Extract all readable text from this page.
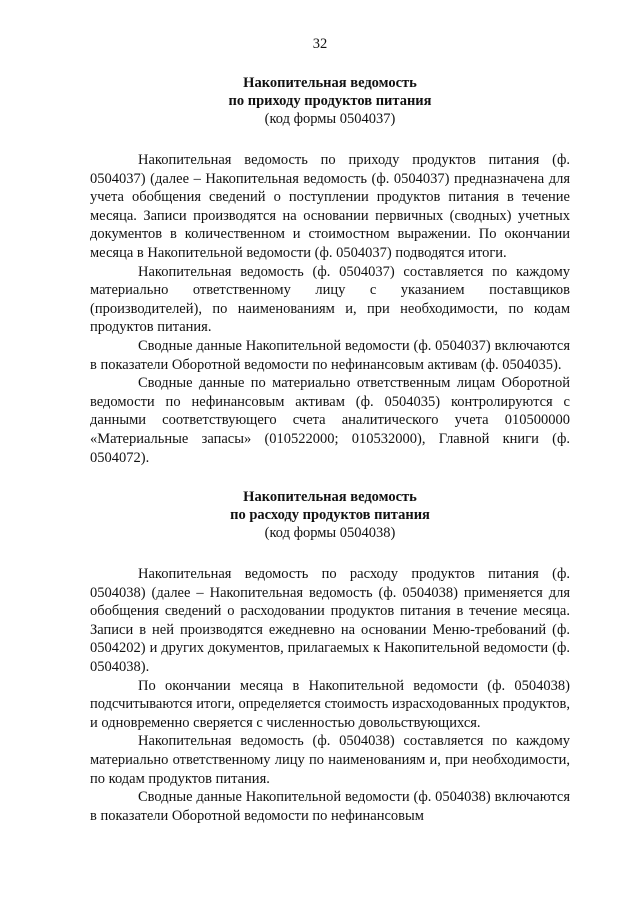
32
Накопительная ведомость
по приходу продуктов питания
(код формы 0504037)

Накопительная ведомость по приходу продуктов питания (ф. 0504037) (далее – Накопительная ведомость (ф. 0504037) предназначена для учета обобщения сведений о поступлении продуктов питания в течение месяца. Записи производятся на основании первичных (сводных) учетных документов в количественном и стоимостном выражении. По окончании месяца в Накопительной ведомости (ф. 0504037) подводятся итоги.

Накопительная ведомость (ф. 0504037) составляется по каждому материально ответственному лицу с указанием поставщиков (производителей), по наименованиям и, при необходимости, по кодам продуктов питания.

Сводные данные Накопительной ведомости (ф. 0504037) включаются в показатели Оборотной ведомости по нефинансовым активам (ф. 0504035).

Сводные данные по материально ответственным лицам Оборотной ведомости по нефинансовым активам (ф. 0504035) контролируются с данными соответствующего счета аналитического учета 010500000 «Материальные запасы» (010522000; 010532000), Главной книги (ф. 0504072).

Накопительная ведомость
по расходу продуктов питания
(код формы 0504038)

Накопительная ведомость по расходу продуктов питания (ф. 0504038) (далее – Накопительная ведомость (ф. 0504038) применяется для обобщения сведений о расходовании продуктов питания в течение месяца. Записи в ней производятся ежедневно на основании Меню-требований (ф. 0504202) и других документов, прилагаемых к Накопительной ведомости (ф. 0504038).

По окончании месяца в Накопительной ведомости (ф. 0504038) подсчитываются итоги, определяется стоимость израсходованных продуктов, и одновременно сверяется с численностью довольствующихся.

Накопительная ведомость (ф. 0504038) составляется по каждому материально ответственному лицу по наименованиям и, при необходимости, по кодам продуктов питания.

Сводные данные Накопительной ведомости (ф. 0504038) включаются в показатели Оборотной ведомости по нефинансовым
